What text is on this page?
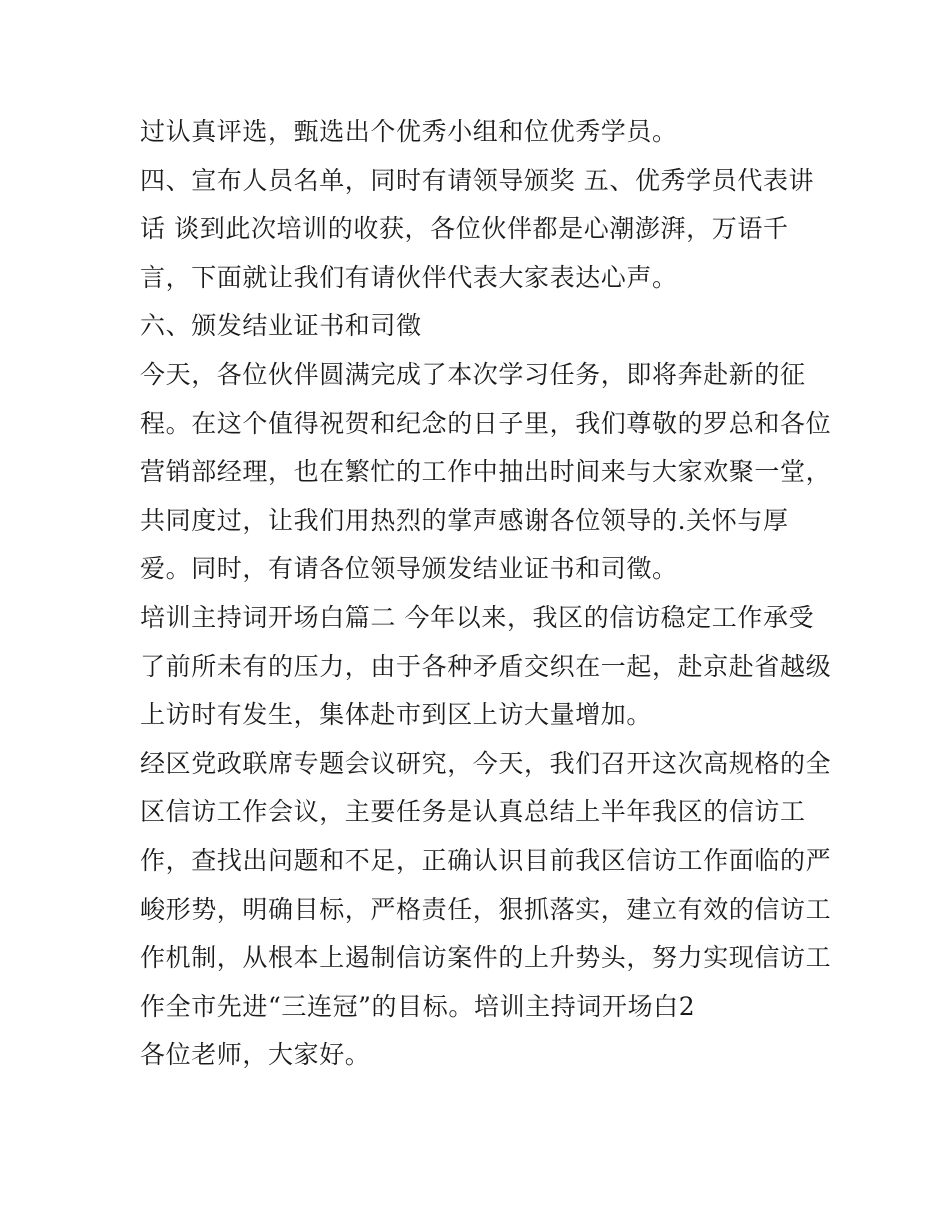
过认真评选，甄选出个优秀小组和位优秀学员。
四、宣布人员名单，同时有请领导颁奖 五、优秀学员代表讲
话 谈到此次培训的收获，各位伙伴都是心潮澎湃，万语千
言，下面就让我们有请伙伴代表大家表达心声。
六、颁发结业证书和司徵
今天，各位伙伴圆满完成了本次学习任务，即将奔赴新的征
程。在这个值得祝贺和纪念的日子里，我们尊敬的罗总和各位
营销部经理，也在繁忙的工作中抽出时间来与大家欢聚一堂，
共同度过，让我们用热烈的掌声感谢各位领导的.关怀与厚
爱。同时，有请各位领导颁发结业证书和司徵。
培训主持词开场白篇二 今年以来，我区的信访稳定工作承受
了前所未有的压力，由于各种矛盾交织在一起，赴京赴省越级
上访时有发生，集体赴市到区上访大量增加。
经区党政联席专题会议研究，今天，我们召开这次高规格的全
区信访工作会议，主要任务是认真总结上半年我区的信访工
作，查找出问题和不足，正确认识目前我区信访工作面临的严
峻形势，明确目标，严格责任，狠抓落实，建立有效的信访工
作机制，从根本上遏制信访案件的上升势头，努力实现信访工
作全市先进“三连冠”的目标。培训主持词开场白2
各位老师，大家好。
